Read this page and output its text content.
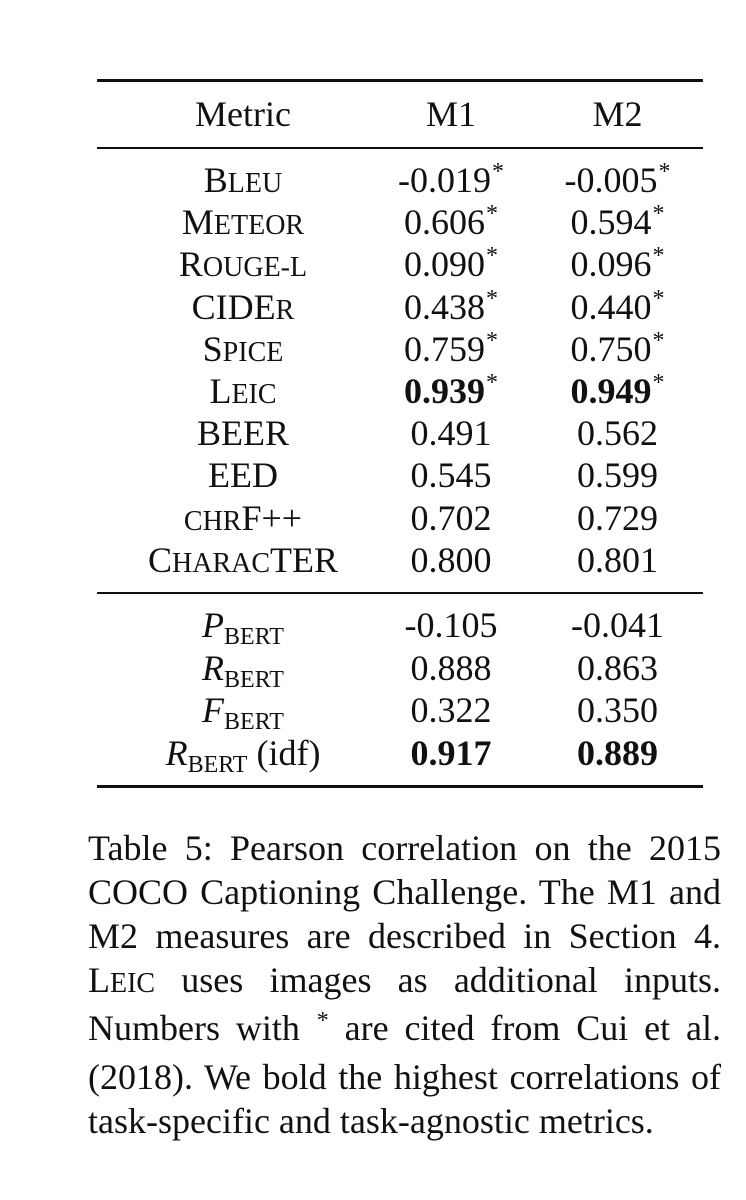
Metric	M1	M2
BLEU	-0.019*	-0.005*
METEOR	0.606*	0.594*
ROUGE-L	0.090*	0.096*
CIDER	0.438*	0.440*
SPICE	0.759*	0.750*
LEIC	0.939*	0.949*
BEER	0.491	0.562
EED	0.545	0.599
CHRF++	0.702	0.729
CHARACTER	0.800	0.801
PBERT	-0.105	-0.041
RBERT	0.888	0.863
FBERT	0.322	0.350
RBERT (idf)	0.917	0.889
Table 5: Pearson correlation on the 2015 COCO Captioning Challenge. The M1 and M2 measures are described in Section 4. LEIC uses images as additional inputs. Numbers with * are cited from Cui et al. (2018). We bold the highest correlations of task-specific and task-agnostic metrics.
